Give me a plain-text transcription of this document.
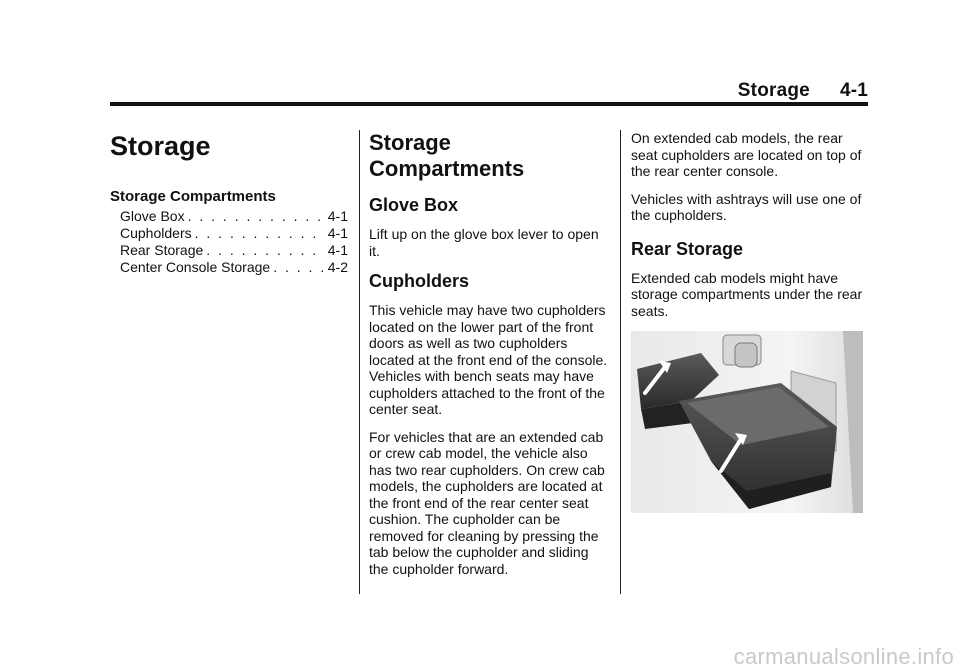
Storage 4-1
Storage
Storage Compartments
Glove Box . . .	4-1
Cupholders . . .	4-1
Rear Storage . . .	4-1
Center Console Storage . . .	4-2
Storage
Compartments
Glove Box

Lift up on the glove box lever to open it.

Cupholders

This vehicle may have two cupholders located on the lower part of the front doors as well as two cupholders located at the front end of the console. Vehicles with bench seats may have cupholders attached to the front of the center seat.

For vehicles that are an extended cab or crew cab model, the vehicle also has two rear cupholders. On crew cab models, the cupholders are located at the front end of the rear center seat cushion. The cupholder can be removed for cleaning by pressing the tab below the cupholder and sliding the cupholder forward.

On extended cab models, the rear seat cupholders are located on top of the rear center console.

Vehicles with ashtrays will use one of the cupholders.

Rear Storage

Extended cab models might have storage compartments under the rear seats.

carmanualsonline.info
